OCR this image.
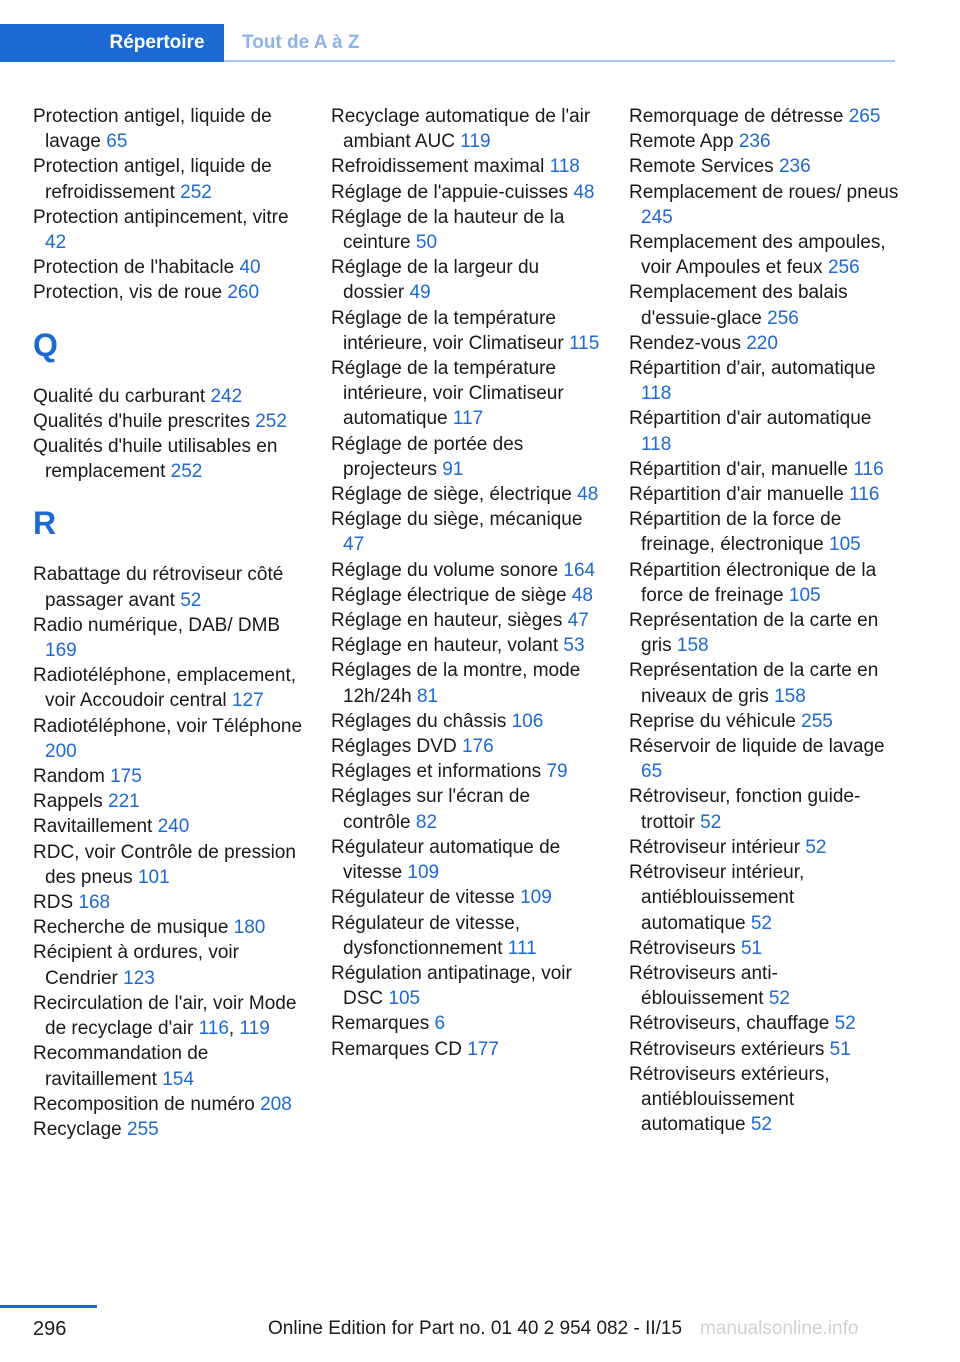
Répertoire	Tout de A à Z
Protection antigel, liquide de lavage 65
Protection antigel, liquide de refroidissement 252
Protection antipincement, vitre 42
Protection de l'habitacle 40
Protection, vis de roue 260
Q
Qualité du carburant 242
Qualités d'huile prescrites 252
Qualités d'huile utilisables en remplacement 252
R
Rabattage du rétroviseur côté passager avant 52
Radio numérique, DAB/ DMB 169
Radiotéléphone, emplacement, voir Accoudoir central 127
Radiotéléphone, voir Téléphone 200
Random 175
Rappels 221
Ravitaillement 240
RDC, voir Contrôle de pression des pneus 101
RDS 168
Recherche de musique 180
Récipient à ordures, voir Cendrier 123
Recirculation de l'air, voir Mode de recyclage d'air 116, 119
Recommandation de ravitaillement 154
Recomposition de numéro 208
Recyclage 255
Recyclage automatique de l'air ambiant AUC 119
Refroidissement maximal 118
Réglage de l'appuie-cuisses 48
Réglage de la hauteur de la ceinture 50
Réglage de la largeur du dossier 49
Réglage de la température intérieure, voir Climatiseur 115
Réglage de la température intérieure, voir Climatiseur automatique 117
Réglage de portée des projecteurs 91
Réglage de siège, électrique 48
Réglage du siège, mécanique 47
Réglage du volume sonore 164
Réglage électrique de siège 48
Réglage en hauteur, sièges 47
Réglage en hauteur, volant 53
Réglages de la montre, mode 12h/24h 81
Réglages du châssis 106
Réglages DVD 176
Réglages et informations 79
Réglages sur l'écran de contrôle 82
Régulateur automatique de vitesse 109
Régulateur de vitesse 109
Régulateur de vitesse, dysfonctionnement 111
Régulation antipatinage, voir DSC 105
Remarques 6
Remarques CD 177
Remorquage de détresse 265
Remote App 236
Remote Services 236
Remplacement de roues/ pneus 245
Remplacement des ampoules, voir Ampoules et feux 256
Remplacement des balais d'essuie-glace 256
Rendez-vous 220
Répartition d'air, automatique 118
Répartition d'air automatique 118
Répartition d'air, manuelle 116
Répartition d'air manuelle 116
Répartition de la force de freinage, électronique 105
Répartition électronique de la force de freinage 105
Représentation de la carte en gris 158
Représentation de la carte en niveaux de gris 158
Reprise du véhicule 255
Réservoir de liquide de lavage 65
Rétroviseur, fonction guide-trottoir 52
Rétroviseur intérieur 52
Rétroviseur intérieur, antiéblouissement automatique 52
Rétroviseurs 51
Rétroviseurs anti-éblouissement 52
Rétroviseurs, chauffage 52
Rétroviseurs extérieurs 51
Rétroviseurs extérieurs, antiéblouissement automatique 52
296	Online Edition for Part no. 01 40 2 954 082 - II/15 manualsonline.info
